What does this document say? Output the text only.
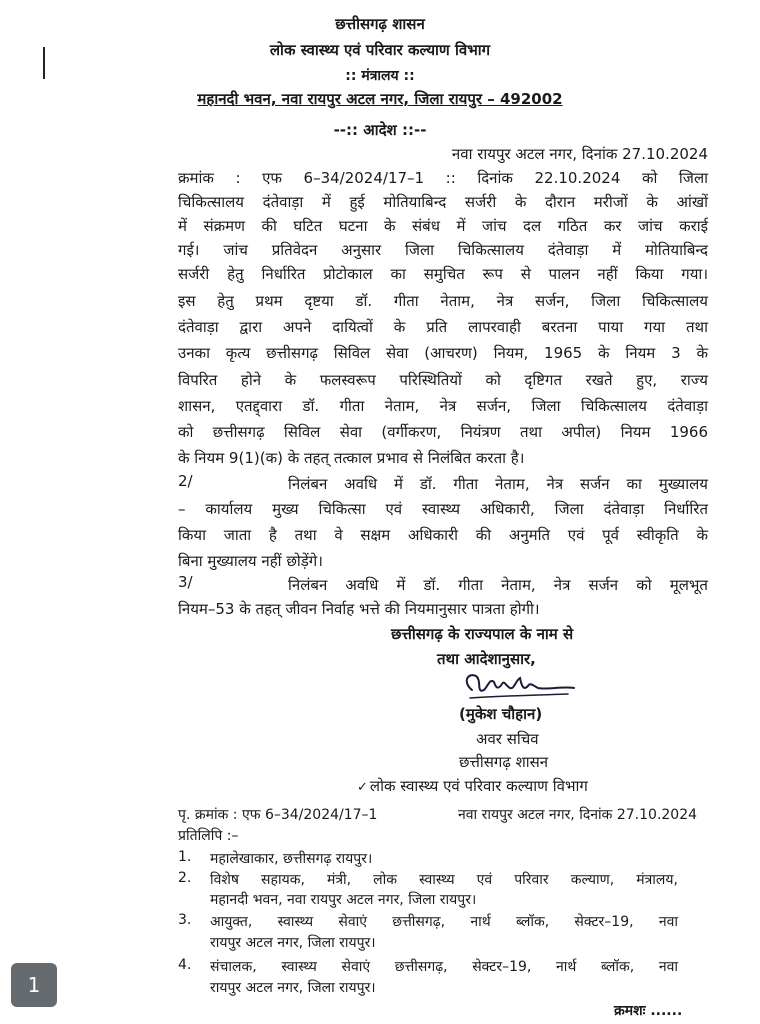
छत्तीसगढ़ शासन
लोक स्वास्थ्य एवं परिवार कल्याण विभाग
:: मंत्रालय ::
महानदी भवन, नवा रायपुर अटल नगर, जिला रायपुर – 492002
--:: आदेश ::--
नवा रायपुर अटल नगर, दिनांक 27.10.2024
क्रमांक : एफ 6–34/2024/17–1 :: दिनांक 22.10.2024 को जिला
चिकित्सालय दंतेवाड़ा में हुई मोतियाबिन्द सर्जरी के दौरान मरीजों के आंखों
में संक्रमण की घटित घटना के संबंध में जांच दल गठित कर जांच कराई
गई। जांच प्रतिवेदन अनुसार जिला चिकित्सालय दंतेवाड़ा में मोतियाबिन्द
सर्जरी हेतु निर्धारित प्रोटोकाल का समुचित रूप से पालन नहीं किया गया।
इस हेतु प्रथम दृष्टया डॉ. गीता नेताम, नेत्र सर्जन, जिला चिकित्सालय
दंतेवाड़ा द्वारा अपने दायित्वों के प्रति लापरवाही बरतना पाया गया तथा
उनका कृत्य छत्तीसगढ़ सिविल सेवा (आचरण) नियम, 1965 के नियम 3 के
विपरित होने के फलस्वरूप परिस्थितियों को दृष्टिगत रखते हुए, राज्य
शासन, एतद्द्वारा डॉ. गीता नेताम, नेत्र सर्जन, जिला चिकित्सालय दंतेवाड़ा
को छत्तीसगढ़ सिविल सेवा (वर्गीकरण, नियंत्रण तथा अपील) नियम 1966
के नियम 9(1)(क) के तहत् तत्काल प्रभाव से निलंबित करता है।
2/	निलंबन अवधि में डॉ. गीता नेताम, नेत्र सर्जन का मुख्यालय
– कार्यालय मुख्य चिकित्सा एवं स्वास्थ्य अधिकारी, जिला दंतेवाड़ा निर्धारित
किया जाता है तथा वे सक्षम अधिकारी की अनुमति एवं पूर्व स्वीकृति के
बिना मुख्यालय नहीं छोड़ेंगे।
3/	निलंबन अवधि में डॉ. गीता नेताम, नेत्र सर्जन को मूलभूत
नियम–53 के तहत् जीवन निर्वाह भत्ते की नियमानुसार पात्रता होगी।
छत्तीसगढ़ के राज्यपाल के नाम से
तथा आदेशानुसार,
(मुकेश चौहान)
अवर सचिव
छत्तीसगढ़ शासन
✓ लोक स्वास्थ्य एवं परिवार कल्याण विभाग
पृ. क्रमांक : एफ 6–34/2024/17–1	नवा रायपुर अटल नगर, दिनांक 27.10.2024
प्रतिलिपि :–
1. महालेखाकार, छत्तीसगढ़ रायपुर।
2. विशेष सहायक, मंत्री, लोक स्वास्थ्य एवं परिवार कल्याण, मंत्रालय,
महानदी भवन, नवा रायपुर अटल नगर, जिला रायपुर।
3. आयुक्त, स्वास्थ्य सेवाएं छत्तीसगढ़, नार्थ ब्लॉक, सेक्टर–19, नवा
रायपुर अटल नगर, जिला रायपुर।
4. संचालक, स्वास्थ्य सेवाएं छत्तीसगढ़, सेक्टर–19, नार्थ ब्लॉक, नवा
रायपुर अटल नगर, जिला रायपुर।
क्रमशः ......
1
